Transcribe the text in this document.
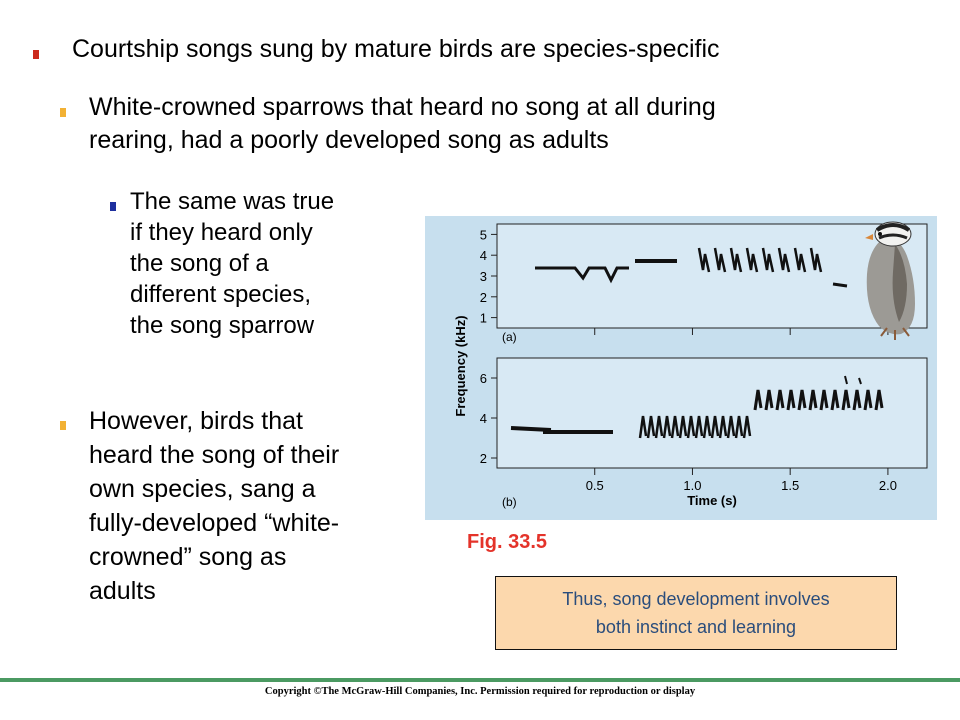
Courtship songs sung by mature birds are species-specific
White-crowned sparrows that heard no song at all during
rearing, had a poorly developed song as adults
The same was true
if they heard only
the song of a
different species,
the song sparrow
However, birds that
heard the song of their
own species, sang a
fully-developed “white-
crowned” song as
adults
1
2
3
4
5
2
4
6
0.5	1.0	1.5	2.0
(a)
(b)	Time (s)
Frequency (kHz)
Fig. 33.5
Thus, song development involves
both instinct and learning
Copyright ©The McGraw-Hill Companies, Inc. Permission required for reproduction or display
